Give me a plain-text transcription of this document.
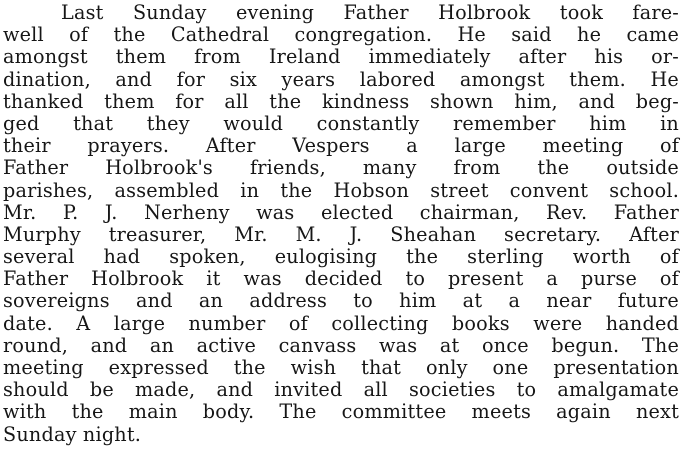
Last Sunday evening Father Holbrook took fare-
well of the Cathedral congregation. He said he came
amongst them from Ireland immediately after his or-
dination, and for six years labored amongst them. He
thanked them for all the kindness shown him, and beg-
ged that they would constantly remember him in
their prayers. After Vespers a large meeting of
Father Holbrook's friends, many from the outside
parishes, assembled in the Hobson street convent school.
Mr. P. J. Nerheny was elected chairman, Rev. Father
Murphy treasurer, Mr. M. J. Sheahan secretary. After
several had spoken, eulogising the sterling worth of
Father Holbrook it was decided to present a purse of
sovereigns and an address to him at a near future
date. A large number of collecting books were handed
round, and an active canvass was at once begun. The
meeting expressed the wish that only one presentation
should be made, and invited all societies to amalgamate
with the main body. The committee meets again next
Sunday night.
